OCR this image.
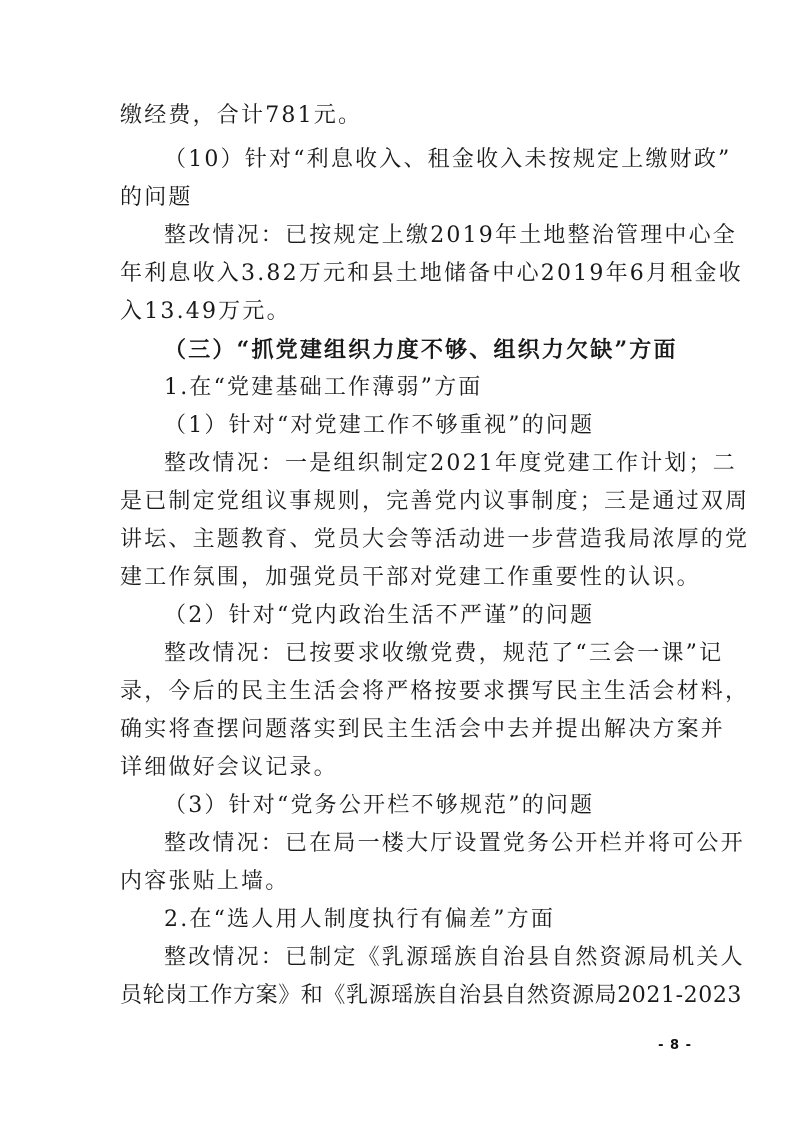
缴经费，合计781元。
（10）针对“利息收入、租金收入未按规定上缴财政”
的问题
整改情况：已按规定上缴2019年土地整治管理中心全
年利息收入3.82万元和县土地储备中心2019年6月租金收
入13.49万元。
（三）“抓党建组织力度不够、组织力欠缺”方面
1.在“党建基础工作薄弱”方面
（1）针对“对党建工作不够重视”的问题
整改情况：一是组织制定2021年度党建工作计划；二
是已制定党组议事规则，完善党内议事制度；三是通过双周
讲坛、主题教育、党员大会等活动进一步营造我局浓厚的党
建工作氛围，加强党员干部对党建工作重要性的认识。
（2）针对“党内政治生活不严谨”的问题
整改情况：已按要求收缴党费，规范了“三会一课”记
录，今后的民主生活会将严格按要求撰写民主生活会材料，
确实将查摆问题落实到民主生活会中去并提出解决方案并
详细做好会议记录。
（3）针对“党务公开栏不够规范”的问题
整改情况：已在局一楼大厅设置党务公开栏并将可公开
内容张贴上墙。
2.在“选人用人制度执行有偏差”方面
整改情况：已制定《乳源瑶族自治县自然资源局机关人
员轮岗工作方案》和《乳源瑶族自治县自然资源局2021-2023
- 8 -
